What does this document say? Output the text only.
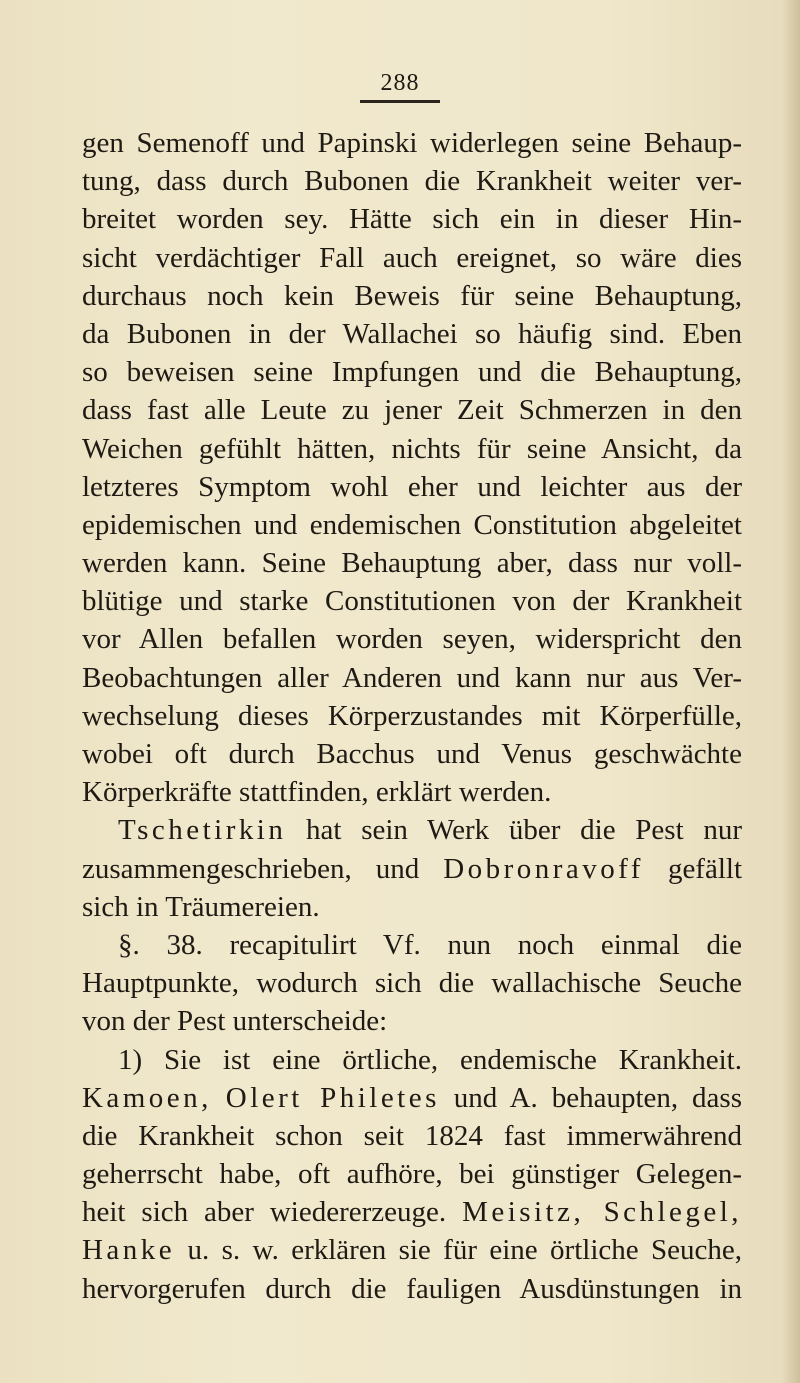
288
gen Semenoff und Papinski widerlegen seine Behaup-
tung, dass durch Bubonen die Krankheit weiter ver-
breitet worden sey. Hätte sich ein in dieser Hin-
sicht verdächtiger Fall auch ereignet, so wäre dies
durchaus noch kein Beweis für seine Behauptung,
da Bubonen in der Wallachei so häufig sind. Eben
so beweisen seine Impfungen und die Behauptung,
dass fast alle Leute zu jener Zeit Schmerzen in den
Weichen gefühlt hätten, nichts für seine Ansicht, da
letzteres Symptom wohl eher und leichter aus der
epidemischen und endemischen Constitution abgeleitet
werden kann. Seine Behauptung aber, dass nur voll-
blütige und starke Constitutionen von der Krankheit
vor Allen befallen worden seyen, widerspricht den
Beobachtungen aller Anderen und kann nur aus Ver-
wechselung dieses Körperzustandes mit Körperfülle,
wobei oft durch Bacchus und Venus geschwächte
Körperkräfte stattfinden, erklärt werden.
Tschetirkin hat sein Werk über die Pest nur
zusammengeschrieben, und Dobronravoff gefällt
sich in Träumereien.
§. 38. recapitulirt Vf. nun noch einmal die
Hauptpunkte, wodurch sich die wallachische Seuche
von der Pest unterscheide:
1) Sie ist eine örtliche, endemische Krankheit.
Kamoen, Olert Philetes und A. behaupten, dass
die Krankheit schon seit 1824 fast immerwährend
geherrscht habe, oft aufhöre, bei günstiger Gelegen-
heit sich aber wiedererzeuge. Meisitz, Schlegel,
Hanke u. s. w. erklären sie für eine örtliche Seuche,
hervorgerufen durch die fauligen Ausdünstungen in
